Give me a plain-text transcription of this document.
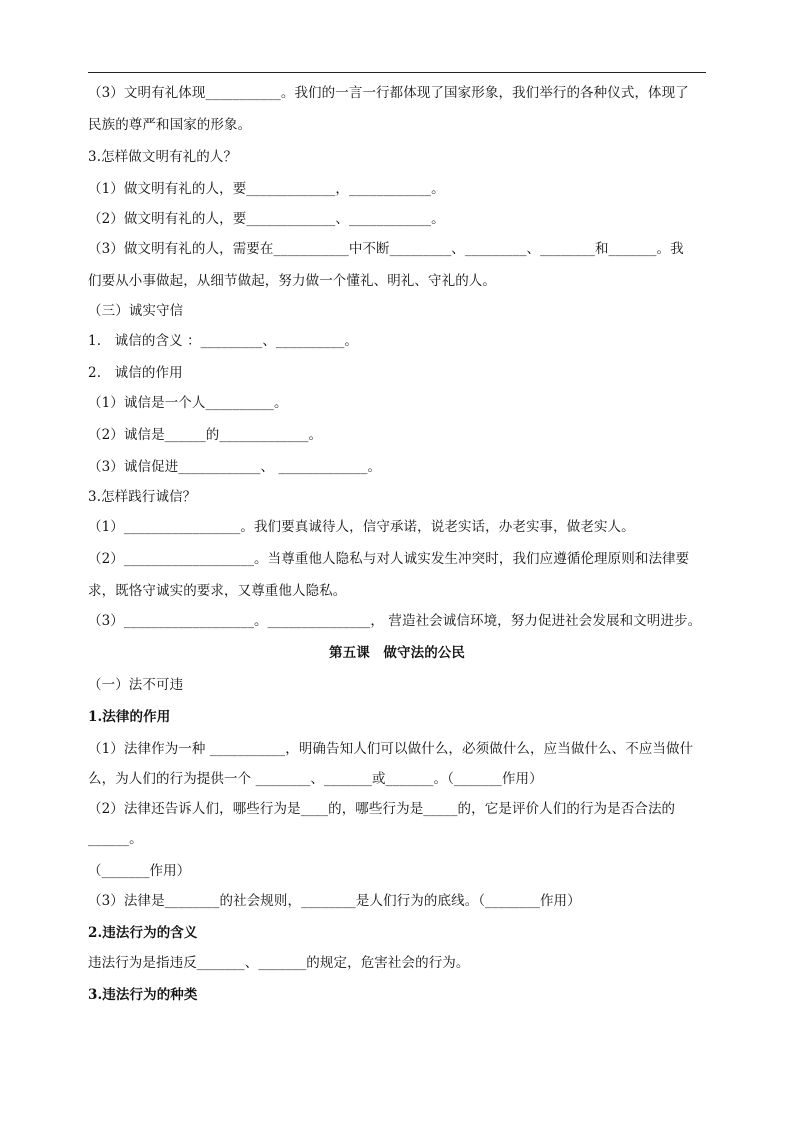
（3）文明有礼体现___________。我们的一言一行都体现了国家形象，我们举行的各种仪式，体现了
民族的尊严和国家的形象。
3.怎样做文明有礼的人？
（1）做文明有礼的人，要_____________，____________。
（2）做文明有礼的人，要_____________、____________。
（3）做文明有礼的人，需要在___________中不断_________、_________、________和_______。我
们要从小事做起，从细节做起，努力做一个懂礼、明礼、守礼的人。
（三）诚实守信
1.　诚信的含义 ：_________、__________。
2.　诚信的作用
（1）诚信是一个人__________。
（2）诚信是______的_____________。
（3）诚信促进____________、 _____________。
3.怎样践行诚信？
（1）_________________。我们要真诚待人，信守承诺，说老实话，办老实事，做老实人。
（2）___________________。当尊重他人隐私与对人诚实发生冲突时，我们应遵循伦理原则和法律要
求，既恪守诚实的要求，又尊重他人隐私。
（3）___________________。_______________， 营造社会诚信环境，努力促进社会发展和文明进步。
第五课　做守法的公民
（一）法不可违
1.法律的作用
（1）法律作为一种 ___________，明确告知人们可以做什么，必须做什么，应当做什么、不应当做什
么，为人们的行为提供一个 ________、_______或_______。（_______作用）
（2）法律还告诉人们，哪些行为是____的，哪些行为是_____的，它是评价人们的行为是否合法的
______。
（_______作用）
（3）法律是________的社会规则，________是人们行为的底线。（________作用）
2.违法行为的含义
违法行为是指违反_______、_______的规定，危害社会的行为。
3.违法行为的种类
